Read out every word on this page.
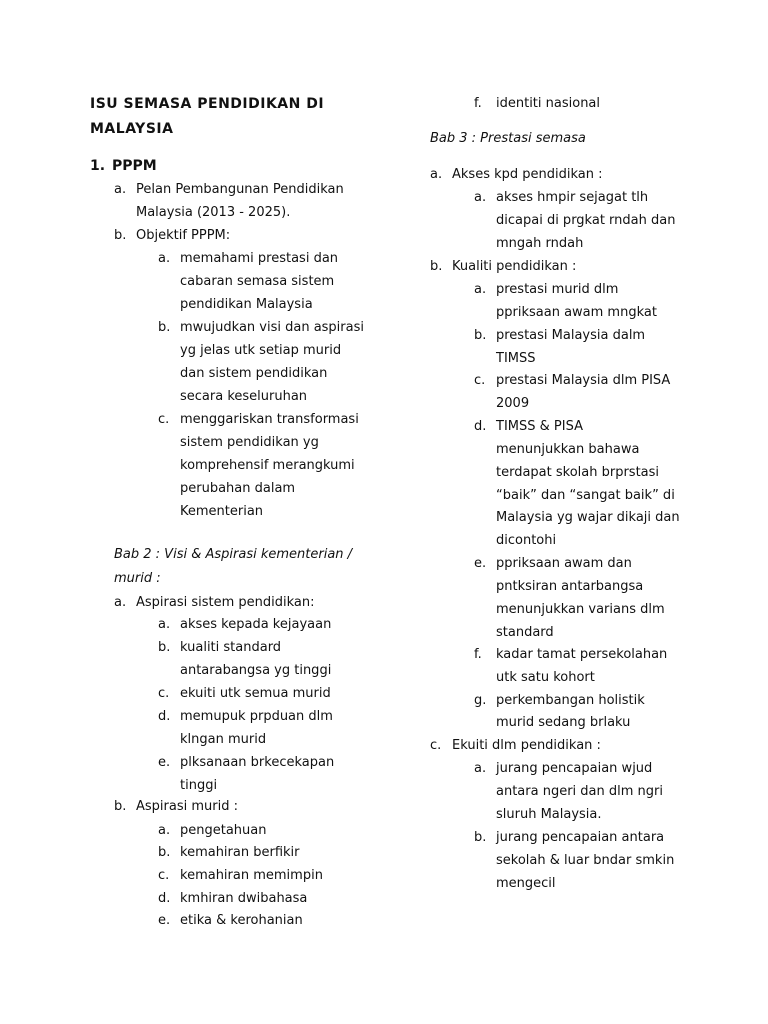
ISU SEMASA PENDIDIKAN DI
MALAYSIA
1. PPPM
a. Pelan Pembangunan Pendidikan
Malaysia (2013 - 2025).
b. Objektif PPPM:
a. memahami prestasi dan
cabaran semasa sistem
pendidikan Malaysia
b. mwujudkan visi dan aspirasi
yg jelas utk setiap murid
dan sistem pendidikan
secara keseluruhan
c. menggariskan transformasi
sistem pendidikan yg
komprehensif merangkumi
perubahan dalam
Kementerian
Bab 2 : Visi & Aspirasi kementerian /
murid :
a. Aspirasi sistem pendidikan:
a. akses kepada kejayaan
b. kualiti standard
antarabangsa yg tinggi
c. ekuiti utk semua murid
d. memupuk prpduan dlm
klngan murid
e. plksanaan brkecekapan
tinggi
b. Aspirasi murid :
a. pengetahuan
b. kemahiran berfikir
c. kemahiran memimpin
d. kmhiran dwibahasa
e. etika & kerohanian
f. identiti nasional
Bab 3 : Prestasi semasa
a. Akses kpd pendidikan :
a. akses hmpir sejagat tlh
dicapai di prgkat rndah dan
mngah rndah
b. Kualiti pendidikan :
a. prestasi murid dlm
ppriksaan awam mngkat
b. prestasi Malaysia dalm
TIMSS
c. prestasi Malaysia dlm PISA
2009
d. TIMSS & PISA
menunjukkan bahawa
terdapat skolah brprstasi
“baik” dan “sangat baik” di
Malaysia yg wajar dikaji dan
dicontohi
e. ppriksaan awam dan
pntksiran antarbangsa
menunjukkan varians dlm
standard
f. kadar tamat persekolahan
utk satu kohort
g. perkembangan holistik
murid sedang brlaku
c. Ekuiti dlm pendidikan :
a. jurang pencapaian wjud
antara ngeri dan dlm ngri
sluruh Malaysia.
b. jurang pencapaian antara
sekolah & luar bndar smkin
mengecil
